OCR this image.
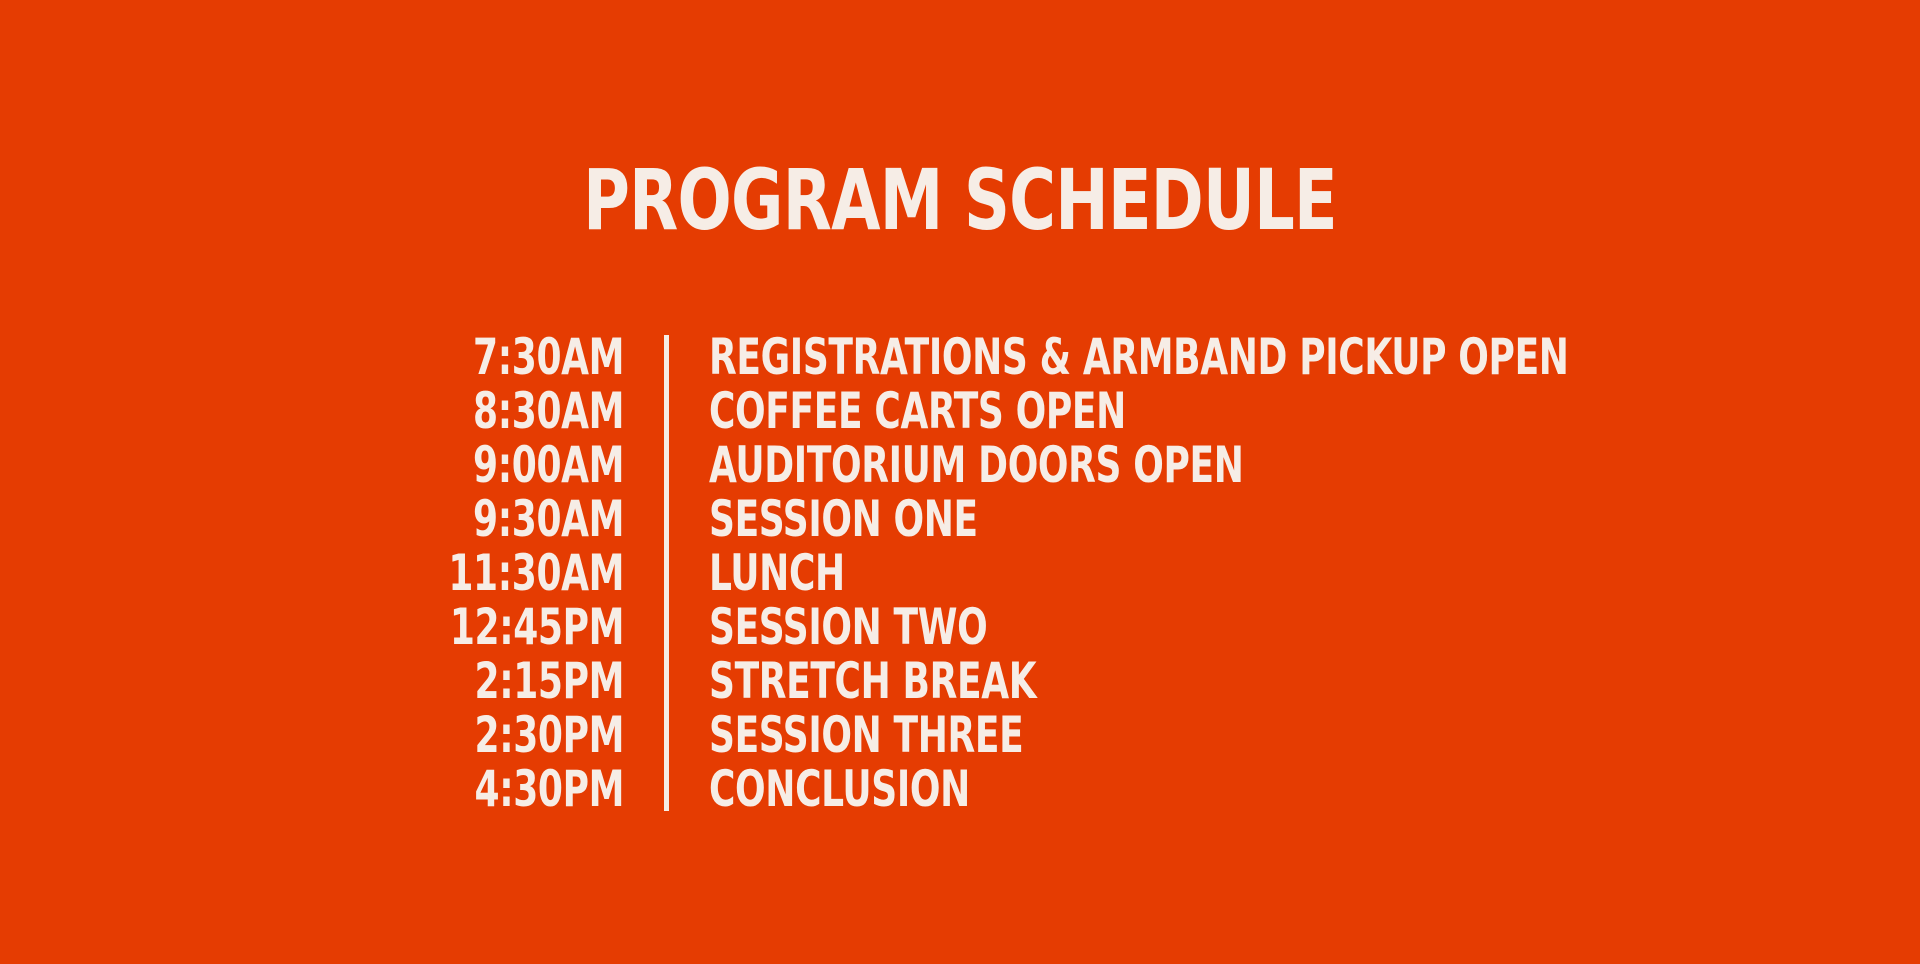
PROGRAM SCHEDULE
7:30AM
8:30AM
9:00AM
9:30AM
11:30AM
12:45PM
2:15PM
2:30PM
4:30PM
REGISTRATIONS & ARMBAND PICKUP OPEN
COFFEE CARTS OPEN
AUDITORIUM DOORS OPEN
SESSION ONE
LUNCH
SESSION TWO
STRETCH BREAK
SESSION THREE
CONCLUSION
